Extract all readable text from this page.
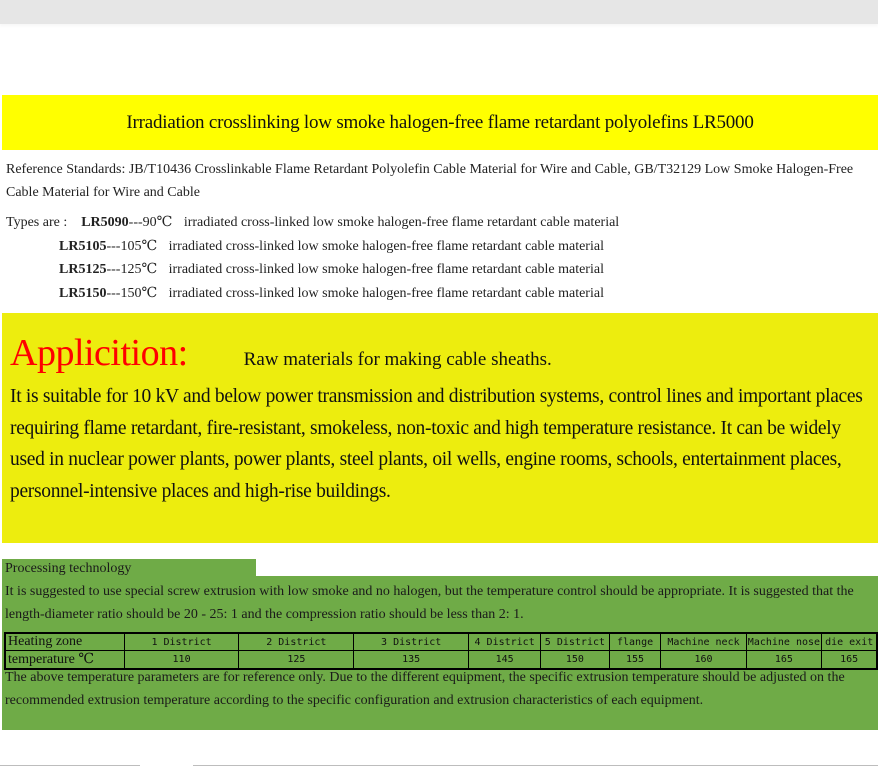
Irradiation crosslinking low smoke halogen-free flame retardant polyolefins LR5000
Reference Standards: JB/T10436 Crosslinkable Flame Retardant Polyolefin Cable Material for Wire and Cable, GB/T32129 Low Smoke Halogen-Free Cable Material for Wire and Cable
Types are : LR5090---90℃ irradiated cross-linked low smoke halogen-free flame retardant cable material
LR5105---105℃ irradiated cross-linked low smoke halogen-free flame retardant cable material
LR5125---125℃ irradiated cross-linked low smoke halogen-free flame retardant cable material
LR5150---150℃ irradiated cross-linked low smoke halogen-free flame retardant cable material
Applicition:	Raw materials for making cable sheaths.
It is suitable for 10 kV and below power transmission and distribution systems, control lines and important places requiring flame retardant, fire-resistant, smokeless, non-toxic and high temperature resistance. It can be widely used in nuclear power plants, power plants, steel plants, oil wells, engine rooms, schools, entertainment places, personnel-intensive places and high-rise buildings.
Processing technology
It is suggested to use special screw extrusion with low smoke and no halogen, but the temperature control should be appropriate. It is suggested that the length-diameter ratio should be 20 - 25: 1 and the compression ratio should be less than 2: 1.
Heating zone	1 District	2 District	3 District	4 District	5 District	flange	Machine neck	Machine nose	die exit
temperature ℃	110	125	135	145	150	155	160	165	165
The above temperature parameters are for reference only. Due to the different equipment, the specific extrusion temperature should be adjusted on the recommended extrusion temperature according to the specific configuration and extrusion characteristics of each equipment.
